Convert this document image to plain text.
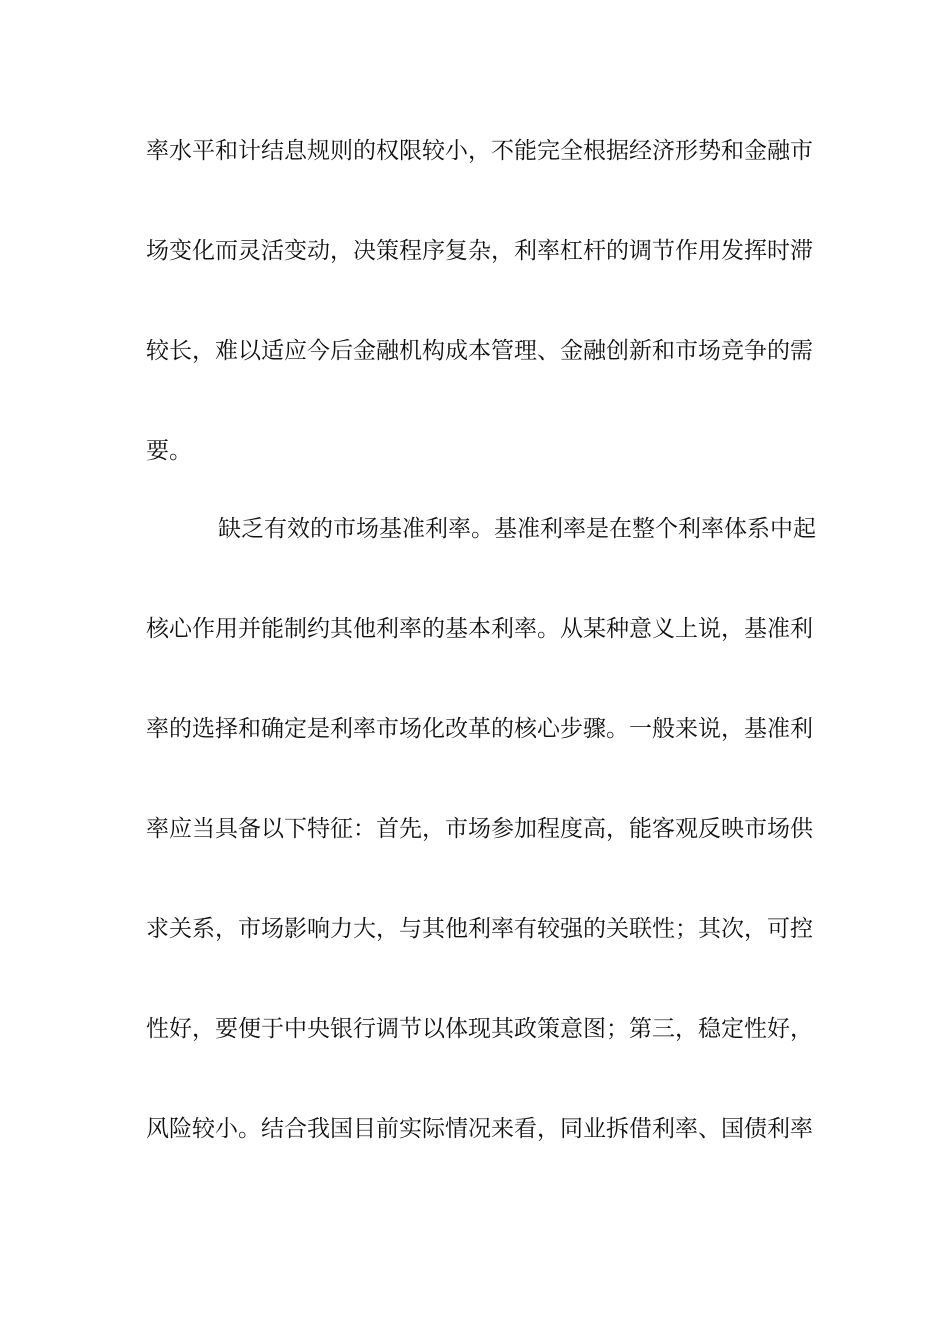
率水平和计结息规则的权限较小，不能完全根据经济形势和金融市
场变化而灵活变动，决策程序复杂，利率杠杆的调节作用发挥时滞
较长，难以适应今后金融机构成本管理、金融创新和市场竞争的需
要。
缺乏有效的市场基准利率。基准利率是在整个利率体系中起
核心作用并能制约其他利率的基本利率。从某种意义上说，基准利
率的选择和确定是利率市场化改革的核心步骤。一般来说，基准利
率应当具备以下特征：首先，市场参加程度高，能客观反映市场供
求关系，市场影响力大，与其他利率有较强的关联性；其次，可控
性好，要便于中央银行调节以体现其政策意图；第三，稳定性好，
风险较小。结合我国目前实际情况来看，同业拆借利率、国债利率
